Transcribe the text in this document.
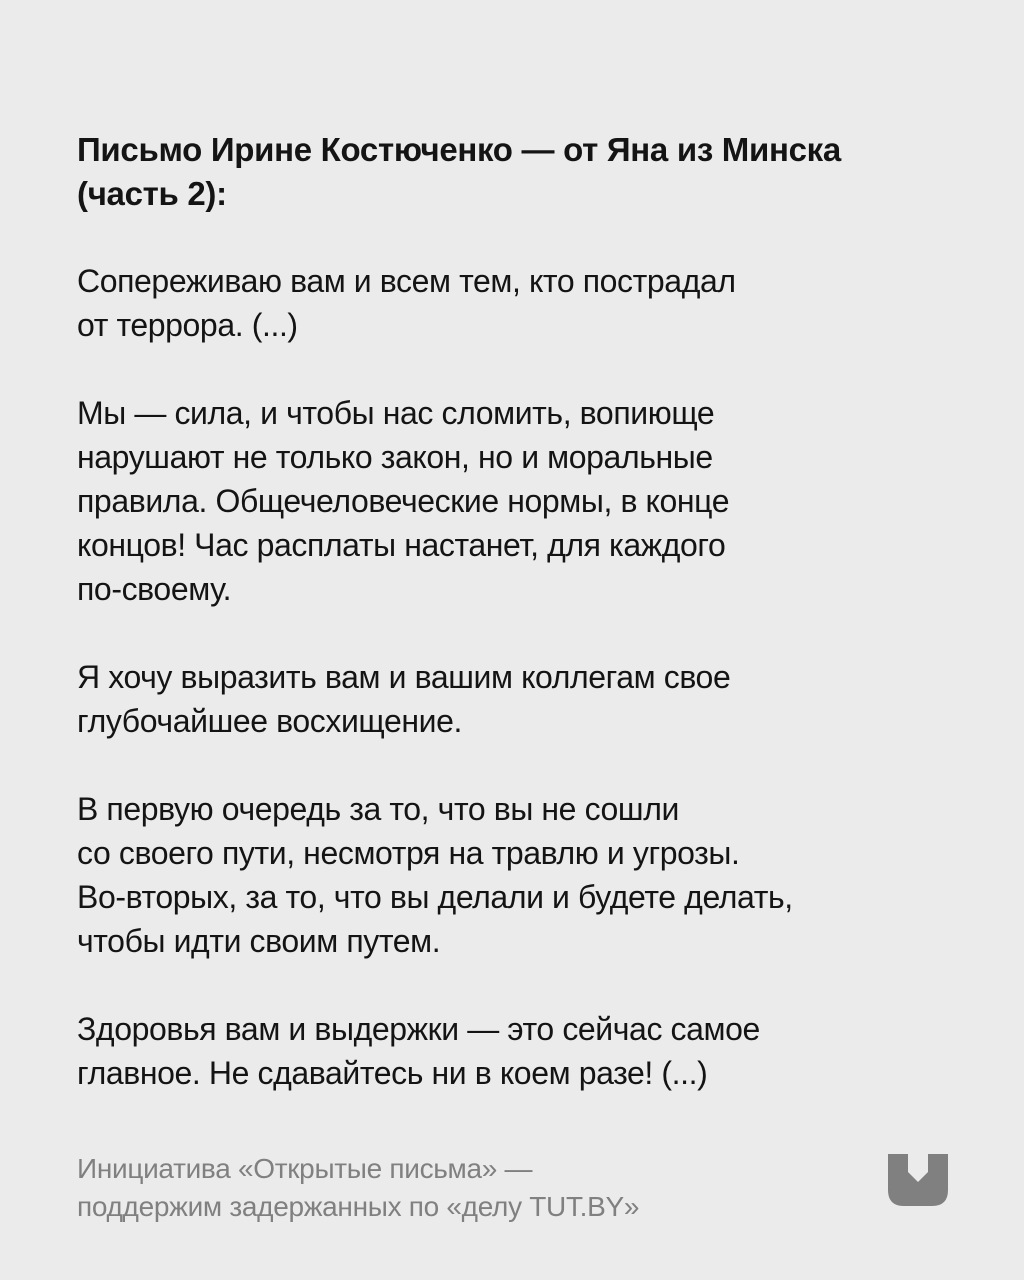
Письмо Ирине Костюченко — от Яна из Минска
(часть 2):
Сопереживаю вам и всем тем, кто пострадал
от террора. (...)
Мы — сила, и чтобы нас сломить, вопиюще
нарушают не только закон, но и моральные
правила. Общечеловеческие нормы, в конце
концов! Час расплаты настанет, для каждого
по-своему.
Я хочу выразить вам и вашим коллегам свое
глубочайшее восхищение.
В первую очередь за то, что вы не сошли
со своего пути, несмотря на травлю и угрозы.
Во-вторых, за то, что вы делали и будете делать,
чтобы идти своим путем.
Здоровья вам и выдержки — это сейчас самое
главное. Не сдавайтесь ни в коем разе! (...)
Инициатива «Открытые письма» —
поддержим задержанных по «делу TUT.BY»
